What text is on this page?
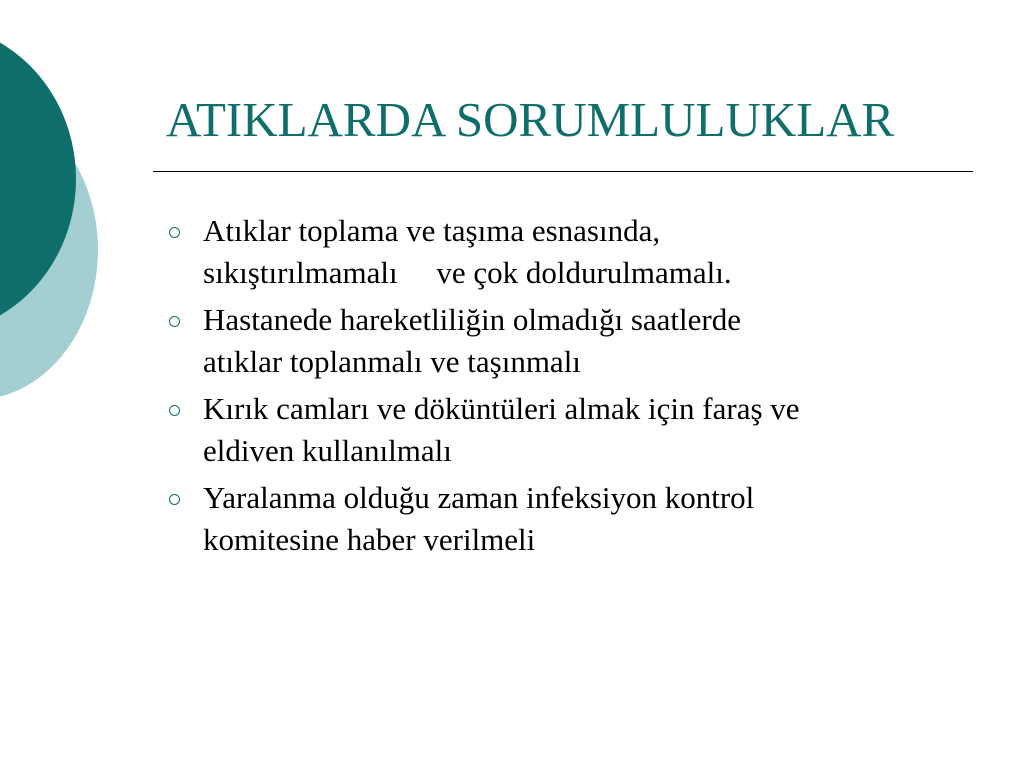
ATIKLARDA SORUMLULUKLAR
Atıklar toplama ve taşıma esnasında,
sıkıştırılmamalı     ve çok doldurulmamalı.
Hastanede hareketliliğin olmadığı saatlerde
atıklar toplanmalı ve taşınmalı
Kırık camları ve döküntüleri almak için faraş ve
eldiven kullanılmalı
Yaralanma olduğu zaman infeksiyon kontrol
komitesine haber verilmeli
